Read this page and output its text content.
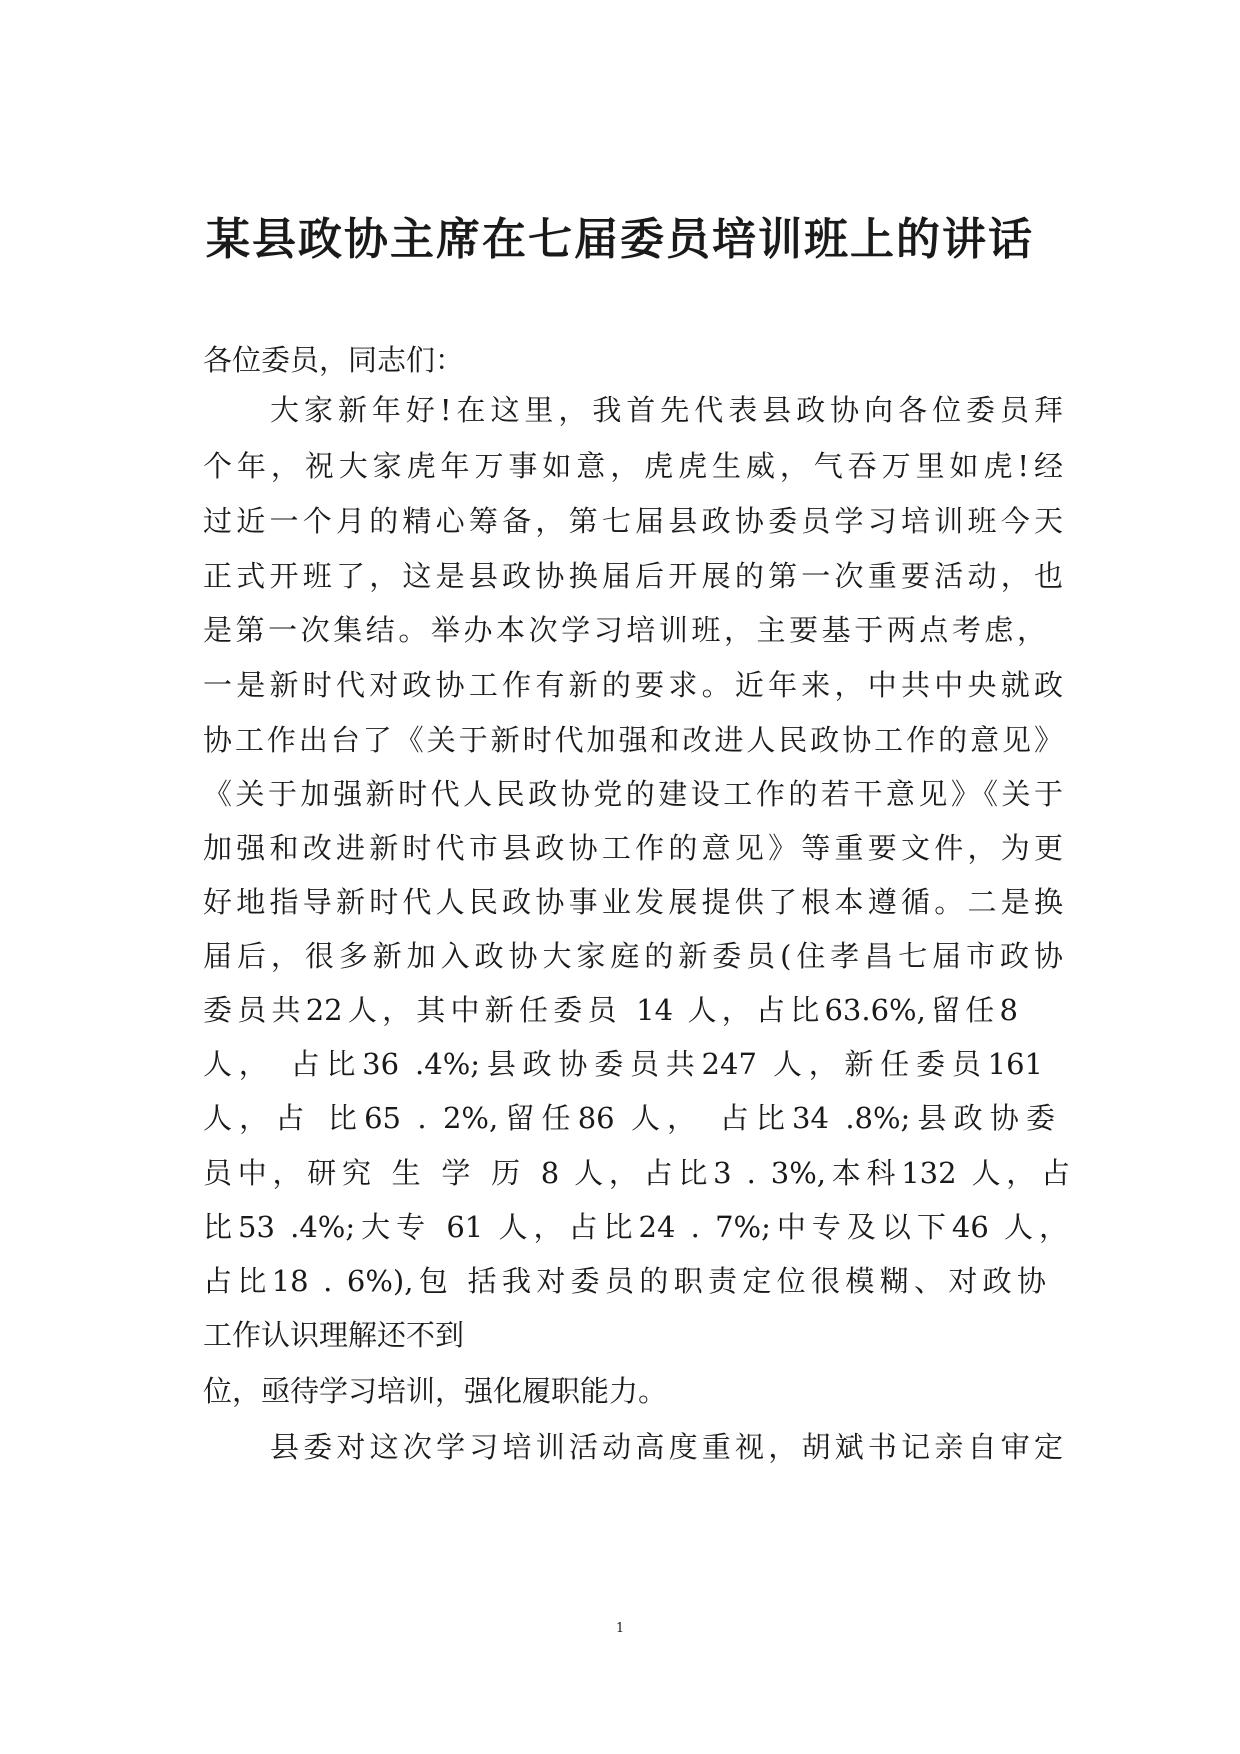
某县政协主席在七届委员培训班上的讲话
各位委员，同志们：
大家新年好!在这里，我首先代表县政协向各位委员拜
个年，祝大家虎年万事如意，虎虎生威，气吞万里如虎!经
过近一个月的精心筹备，第七届县政协委员学习培训班今天
正式开班了，这是县政协换届后开展的第一次重要活动，也
是第一次集结。举办本次学习培训班，主要基于两点考虑，
一是新时代对政协工作有新的要求。近年来，中共中央就政
协工作出台了《关于新时代加强和改进人民政协工作的意见》
《关于加强新时代人民政协党的建设工作的若干意见》《关于
加强和改进新时代市县政协工作的意见》等重要文件，为更
好地指导新时代人民政协事业发展提供了根本遵循。二是换
届后，很多新加入政协大家庭的新委员(住孝昌七届市政协
委员共22人，其中新任委员 14 人，占比63.6%,留任8
人， 占比36 .4%;县政协委员共247 人，新任委员161
人，占 比65 . 2%,留任86 人， 占比34 .8%;县政协委
员中，研究 生 学 历 8 人，占比3 . 3%,本科132 人，占
比53 .4%;大专 61 人，占比24 . 7%;中专及以下46 人，
占比18 . 6%),包 括我对委员的职责定位很模糊、对政协
工作认识理解还不到
位，亟待学习培训，强化履职能力。
县委对这次学习培训活动高度重视，胡斌书记亲自审定
1
